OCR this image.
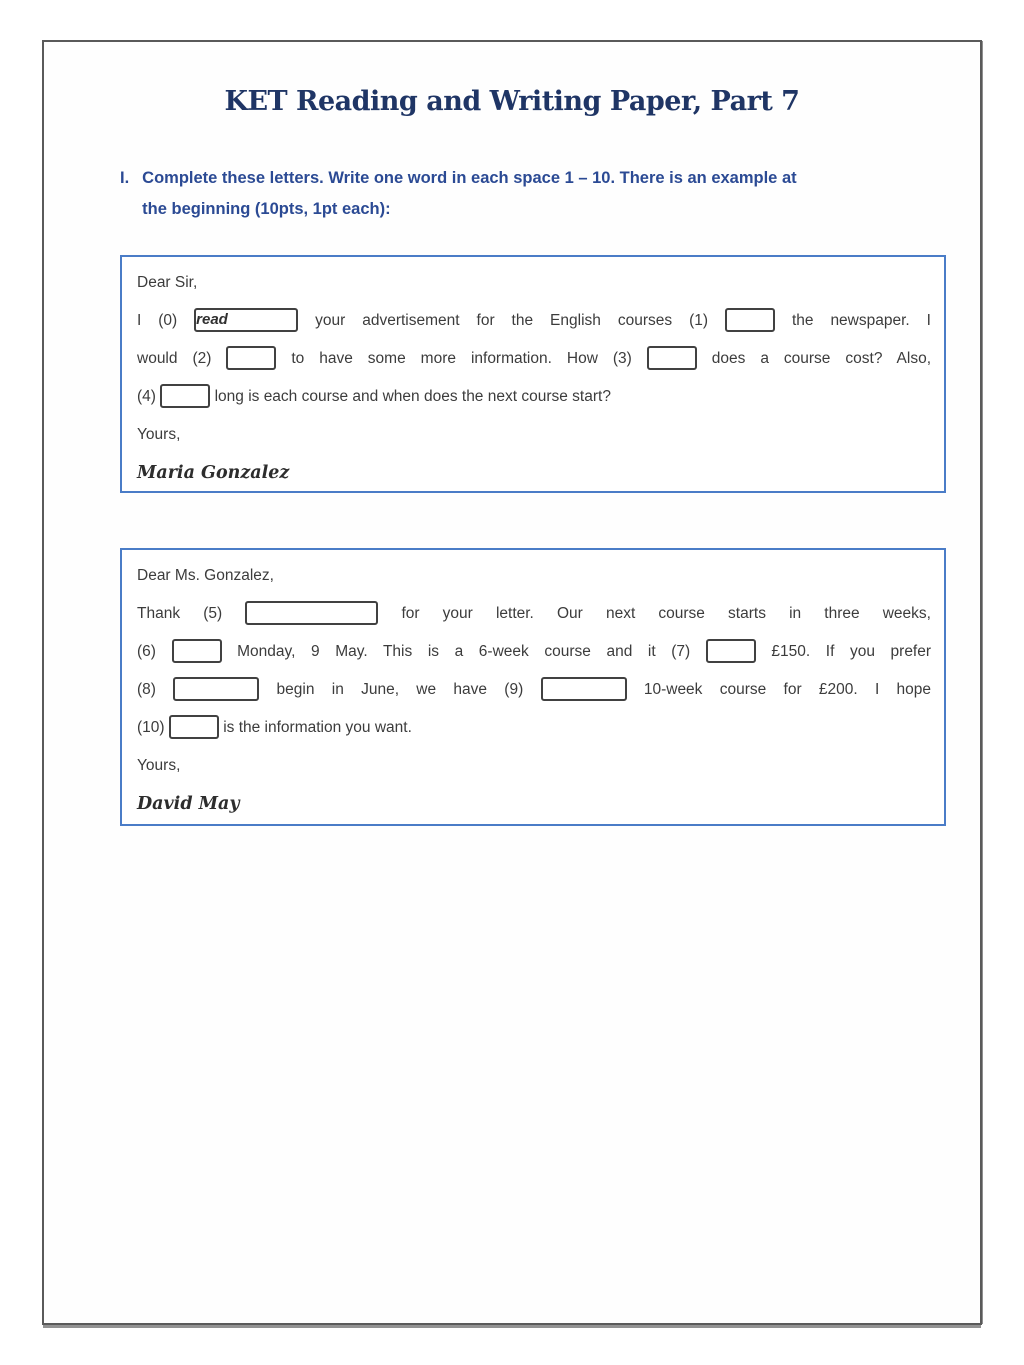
KET Reading and Writing Paper, Part 7
I. Complete these letters. Write one word in each space 1 – 10. There is an example at
the beginning (10pts, 1pt each):
Dear Sir,
I (0) read	your advertisement for the English courses (1)	the newspaper. I
would (2)	to have some more information. How (3)	does a course cost? Also,
(4)	long is each course and when does the next course start?
Yours,
Maria Gonzalez
Dear Ms. Gonzalez,
Thank (5)	for your letter. Our next course starts in three weeks,
(6)	Monday, 9 May. This is a 6-week course and it (7)	£150. If you prefer
(8)	begin in June, we have (9)	10-week course for £200. I hope
(10)	is the information you want.
Yours,
David May
